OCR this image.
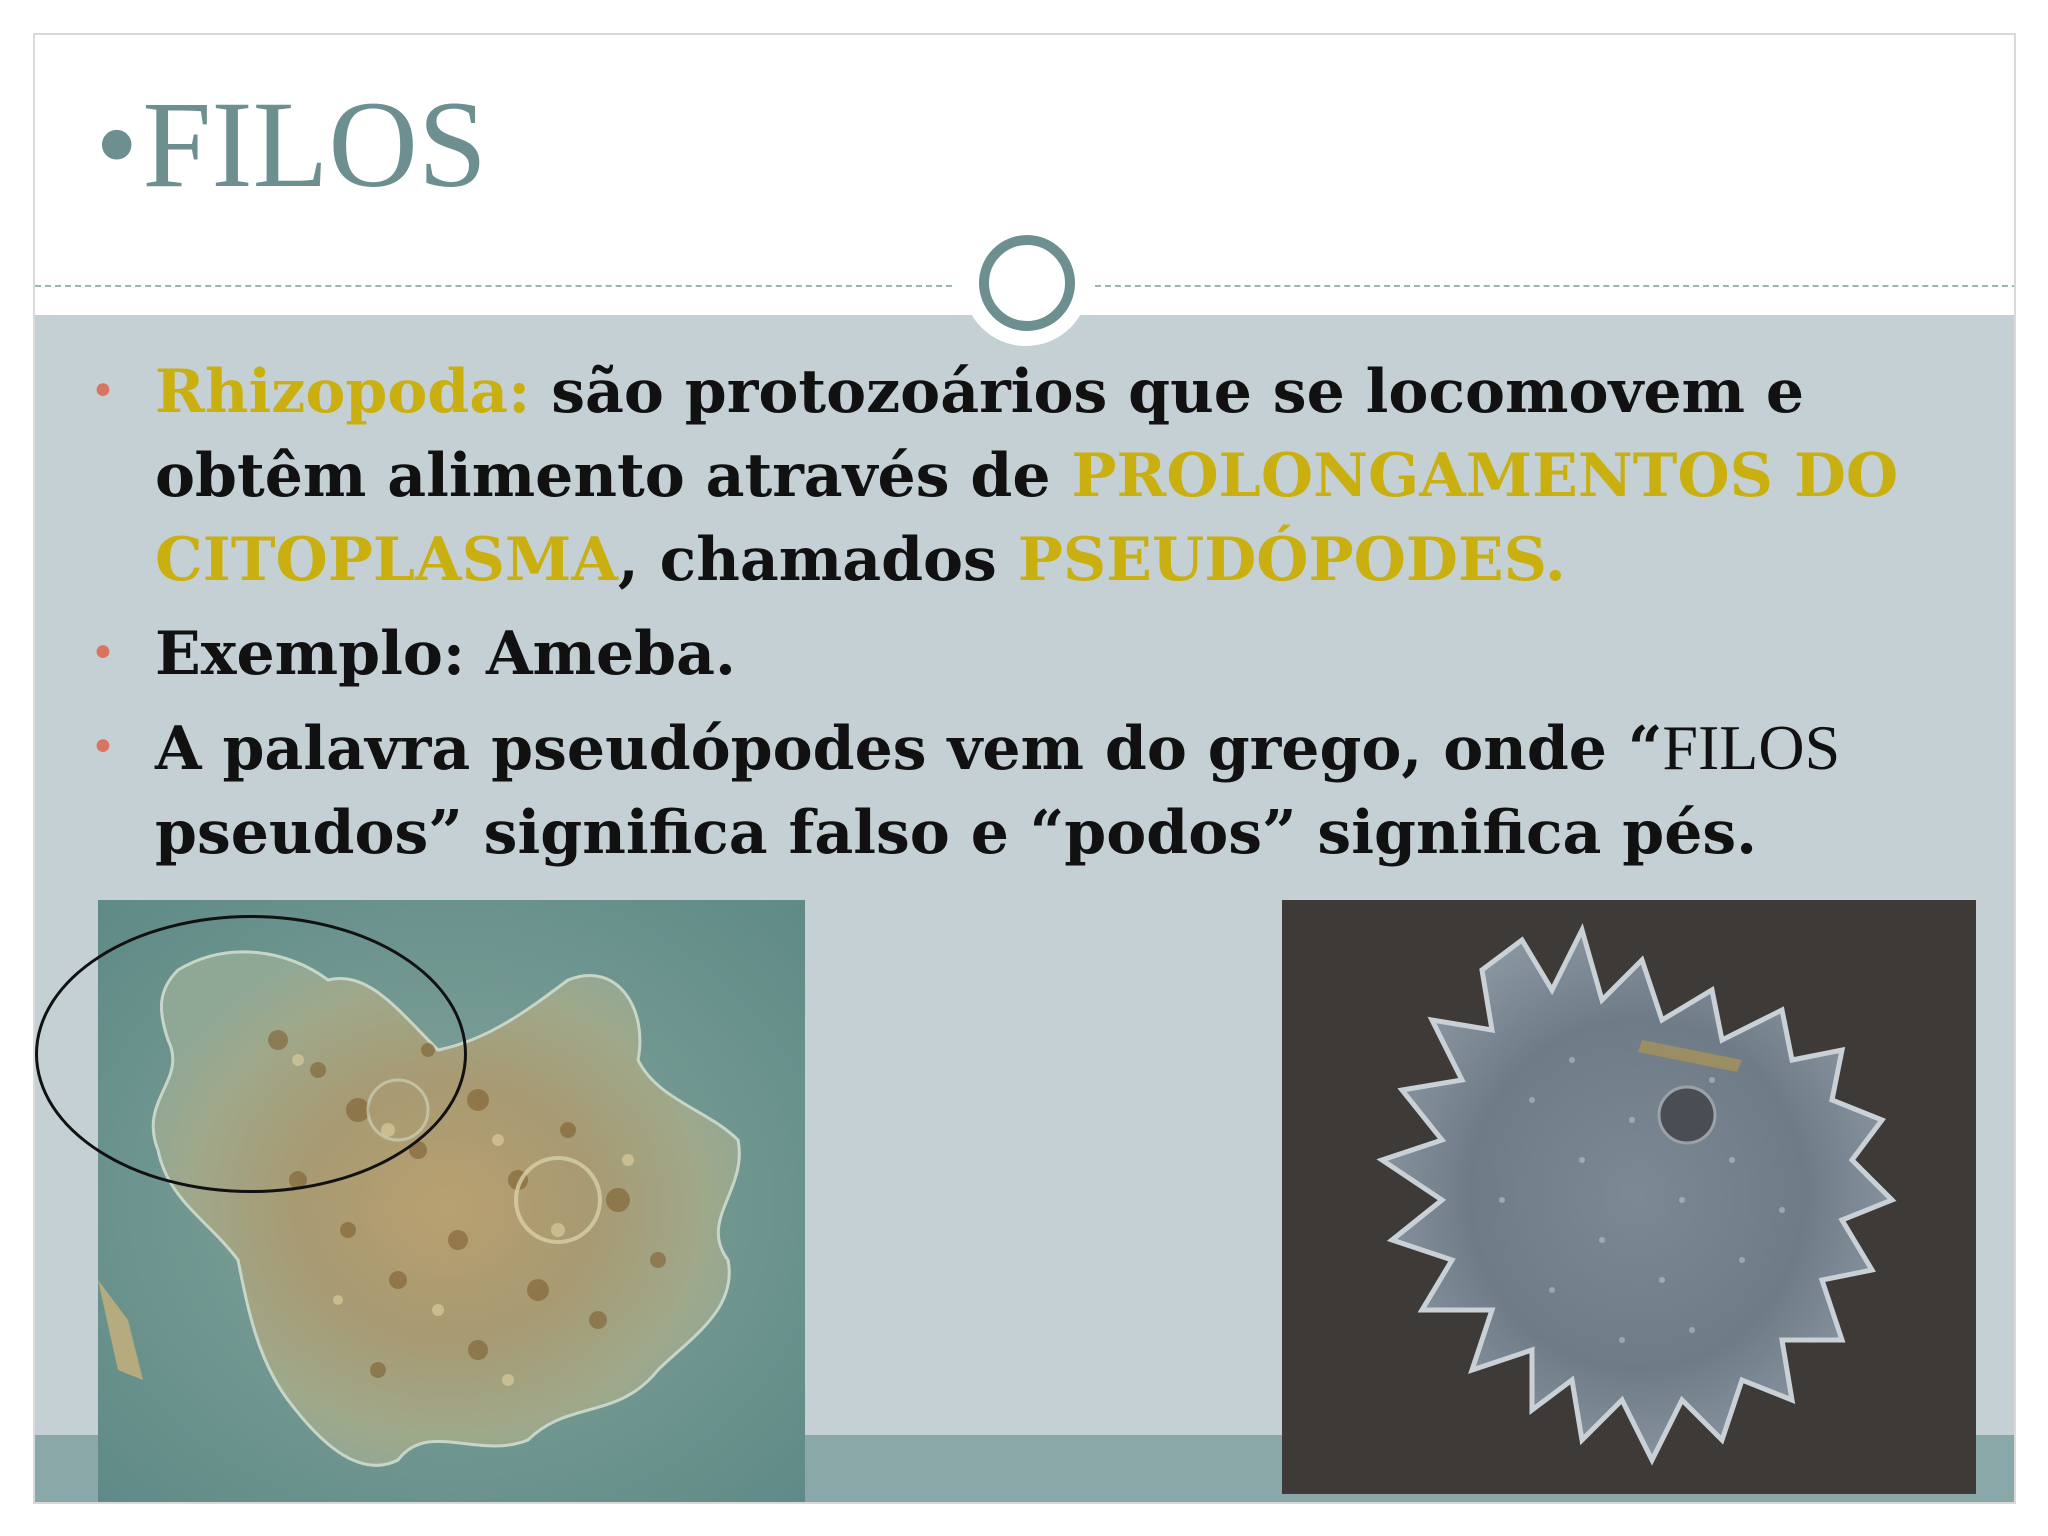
•FILOS
• Rhizopoda: são protozoários que se locomovem e obtêm alimento através de PROLONGAMENTOS DO CITOPLASMA, chamados PSEUDÓPODES.
• Exemplo: Ameba.
• A palavra pseudópodes vem do grego, onde “FILOS pseudos” significa falso e “podos” significa pés.
